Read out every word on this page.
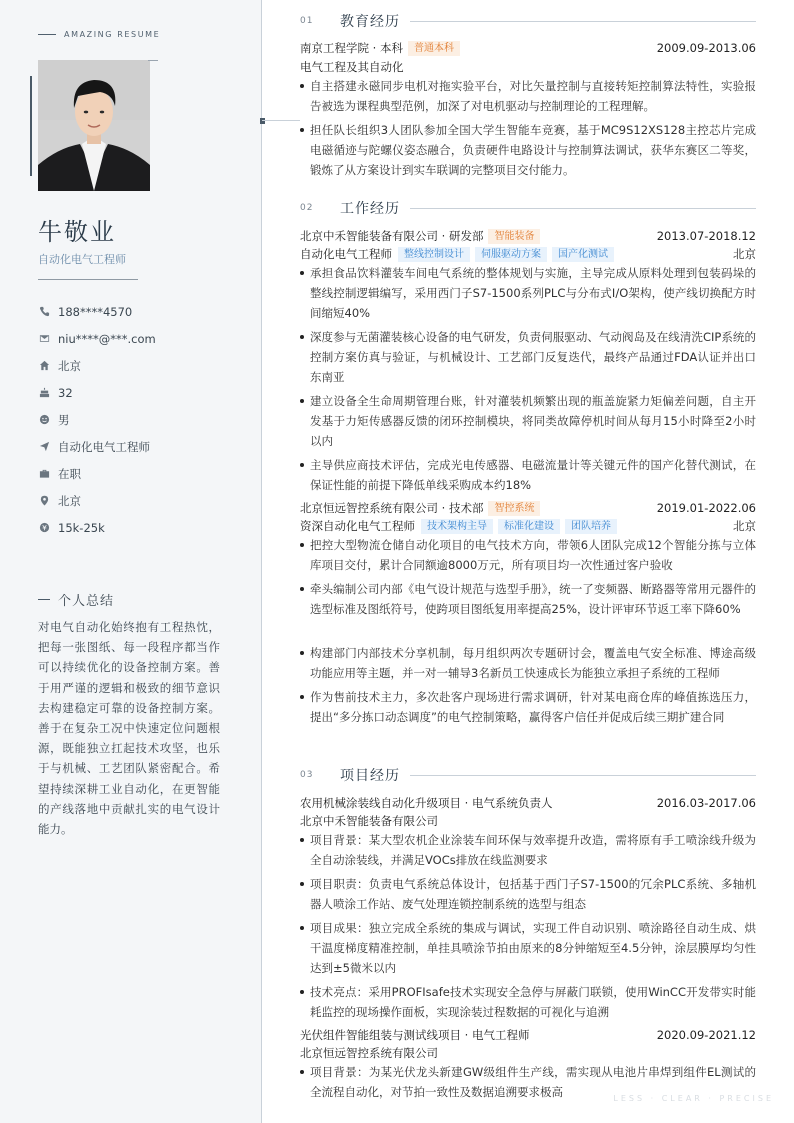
AMAZING RESUME
牛敬业
自动化电气工程师
188****4570
niu****@***.com
北京
32
男
自动化电气工程师
在职
北京
15k-25k
个人总结
对电气自动化始终抱有工程热忱，把每一张图纸、每一段程序都当作可以持续优化的设备控制方案。善于用严谨的逻辑和极致的细节意识去构建稳定可靠的设备控制方案。善于在复杂工况中快速定位问题根源，既能独立扛起技术攻坚，也乐于与机械、工艺团队紧密配合。希望持续深耕工业自动化，在更智能的产线落地中贡献扎实的电气设计能力。
01	教育经历
南京工程学院 · 本科	普通本科	2009.09-2013.06
电气工程及其自动化
自主搭建永磁同步电机对拖实验平台，对比矢量控制与直接转矩控制算法特性，实验报告被选为课程典型范例，加深了对电机驱动与控制理论的工程理解。
担任队长组织3人团队参加全国大学生智能车竞赛，基于MC9S12XS128主控芯片完成电磁循迹与陀螺仪姿态融合，负责硬件电路设计与控制算法调试，获华东赛区二等奖，锻炼了从方案设计到实车联调的完整项目交付能力。
02	工作经历
北京中禾智能装备有限公司 · 研发部	智能装备	2013.07-2018.12
自动化电气工程师	整线控制设计	伺服驱动方案	国产化测试	北京
承担食品饮料灌装车间电气系统的整体规划与实施，主导完成从原料处理到包装码垛的整线控制逻辑编写，采用西门子S7-1500系列PLC与分布式I/O架构，使产线切换配方时间缩短40%
深度参与无菌灌装核心设备的电气研发，负责伺服驱动、气动阀岛及在线清洗CIP系统的控制方案仿真与验证，与机械设计、工艺部门反复迭代，最终产品通过FDA认证并出口东南亚
建立设备全生命周期管理台账，针对灌装机频繁出现的瓶盖旋紧力矩偏差问题，自主开发基于力矩传感器反馈的闭环控制模块，将同类故障停机时间从每月15小时降至2小时以内
主导供应商技术评估，完成光电传感器、电磁流量计等关键元件的国产化替代测试，在保证性能的前提下降低单线采购成本约18%
北京恒远智控系统有限公司 · 技术部	智控系统	2019.01-2022.06
资深自动化电气工程师	技术架构主导	标准化建设	团队培养	北京
把控大型物流仓储自动化项目的电气技术方向，带领6人团队完成12个智能分拣与立体库项目交付，累计合同额逾8000万元，所有项目均一次性通过客户验收
牵头编制公司内部《电气设计规范与选型手册》，统一了变频器、断路器等常用元器件的选型标准及图纸符号，使跨项目图纸复用率提高25%，设计评审环节返工率下降60%
构建部门内部技术分享机制，每月组织两次专题研讨会，覆盖电气安全标准、博途高级功能应用等主题，并一对一辅导3名新员工快速成长为能独立承担子系统的工程师
作为售前技术主力，多次赴客户现场进行需求调研，针对某电商仓库的峰值拣选压力，提出“多分拣口动态调度”的电气控制策略，赢得客户信任并促成后续三期扩建合同
03	项目经历
农用机械涂装线自动化升级项目 · 电气系统负责人	2016.03-2017.06
北京中禾智能装备有限公司
项目背景：某大型农机企业涂装车间环保与效率提升改造，需将原有手工喷涂线升级为全自动涂装线，并满足VOCs排放在线监测要求
项目职责：负责电气系统总体设计，包括基于西门子S7-1500的冗余PLC系统、多轴机器人喷涂工作站、废气处理连锁控制系统的选型与组态
项目成果：独立完成全系统的集成与调试，实现工件自动识别、喷涂路径自动生成、烘干温度梯度精准控制，单挂具喷涂节拍由原来的8分钟缩短至4.5分钟，涂层膜厚均匀性达到±5微米以内
技术亮点：采用PROFIsafe技术实现安全急停与屏蔽门联锁，使用WinCC开发带实时能耗监控的现场操作面板，实现涂装过程数据的可视化与追溯
光伏组件智能组装与测试线项目 · 电气工程师	2020.09-2021.12
北京恒远智控系统有限公司
项目背景：为某光伏龙头新建GW级组件生产线，需实现从电池片串焊到组件EL测试的全流程自动化，对节拍一致性及数据追溯要求极高	LESS · CLEAR · PRECISE
